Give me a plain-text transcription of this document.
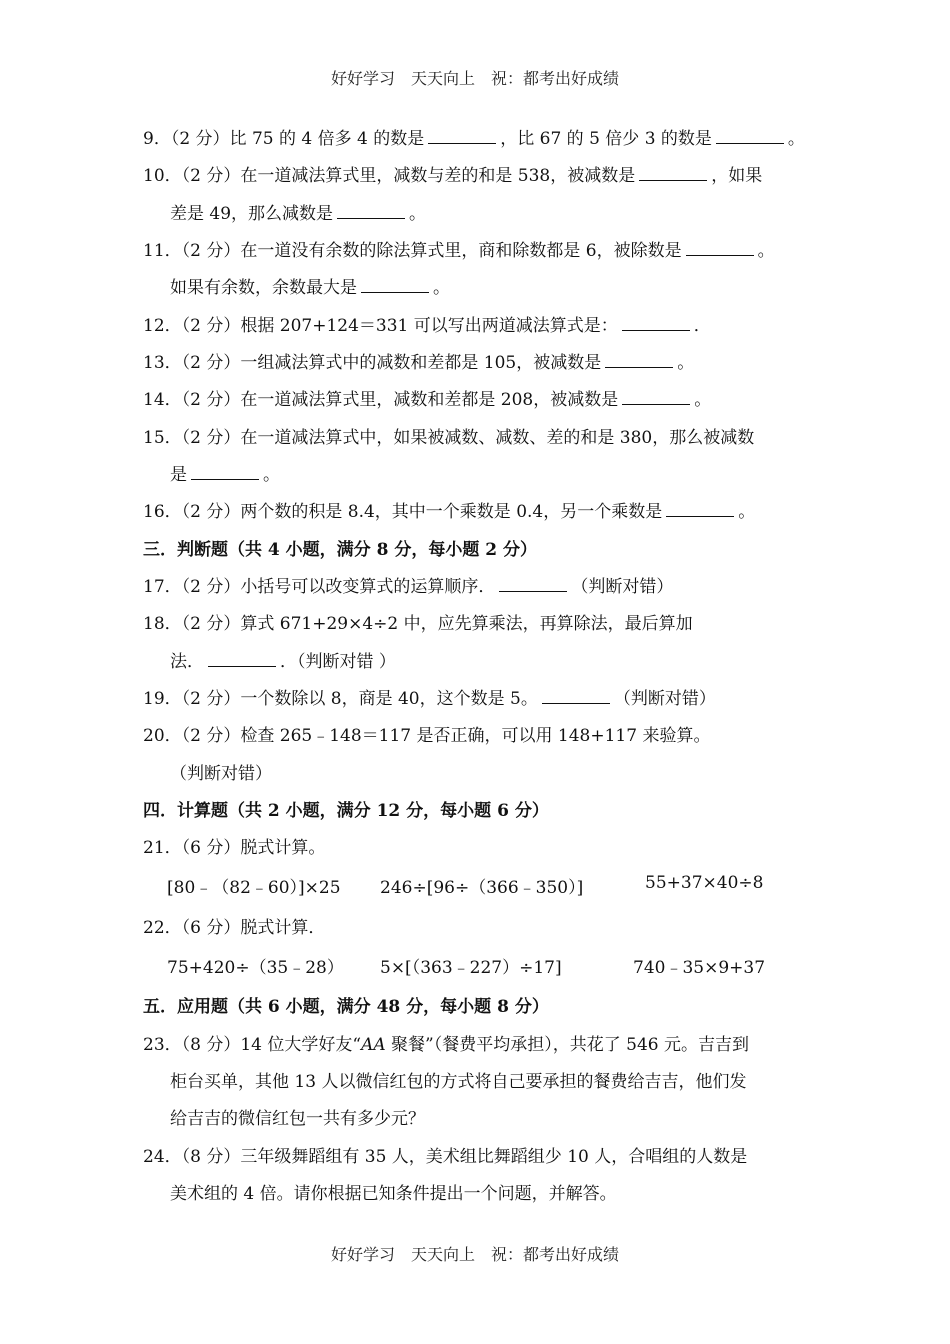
好好学习　天天向上　祝：都考出好成绩
9．（2 分）比 75 的 4 倍多 4 的数是	，比 67 的 5 倍少 3 的数是	。
10．（2 分）在一道减法算式里，减数与差的和是 538，被减数是	，如果
差是 49，那么减数是	。
11．（2 分）在一道没有余数的除法算式里，商和除数都是 6，被除数是	。
如果有余数，余数最大是	。
12．（2 分）根据 207+124＝331 可以写出两道减法算式是：	．
13．（2 分）一组减法算式中的减数和差都是 105，被减数是	。
14．（2 分）在一道减法算式里，减数和差都是 208，被减数是	。
15．（2 分）在一道减法算式中，如果被减数、减数、差的和是 380，那么被减数
是	。
16．（2 分）两个数的积是 8.4，其中一个乘数是 0.4，另一个乘数是	。
三．判断题（共 4 小题，满分 8 分，每小题 2 分）
17．（2 分）小括号可以改变算式的运算顺序．	（判断对错）
18．（2 分）算式 671+29×4÷2 中，应先算乘法，再算除法，最后算加
法．	．（判断对错 ）
19．（2 分）一个数除以 8，商是 40，这个数是 5。	（判断对错）
20．（2 分）检查 265﹣148＝117 是否正确，可以用 148+117 来验算。
（判断对错）
四．计算题（共 2 小题，满分 12 分，每小题 6 分）
21．（6 分）脱式计算。
[80﹣（82﹣60）]×25 246÷[96÷（366﹣350）]	55+37×40÷8
22．（6 分）脱式计算．
75+420÷（35﹣28） 5×[（363﹣227）÷17]	740﹣35×9+37
五．应用题（共 6 小题，满分 48 分，每小题 8 分）
23．（8 分）14 位大学好友“AA 聚餐”（餐费平均承担），共花了 546 元。吉吉到
柜台买单，其他 13 人以微信红包的方式将自己要承担的餐费给吉吉，他们发
给吉吉的微信红包一共有多少元？
24．（8 分）三年级舞蹈组有 35 人，美术组比舞蹈组少 10 人，合唱组的人数是
美术组的 4 倍。请你根据已知条件提出一个问题，并解答。
好好学习　天天向上　祝：都考出好成绩
